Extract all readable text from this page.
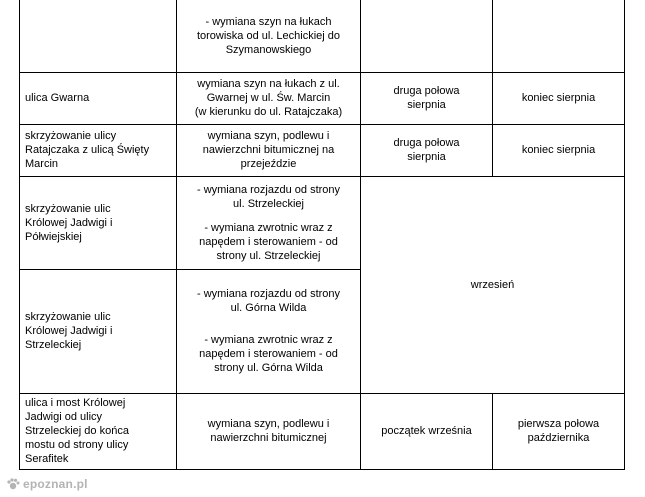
	- wymiana szyn na łukach
torowiska od ul. Lechickiej do
Szymanowskiego		

ulica Gwarna	wymiana szyn na łukach z ul.
Gwarnej w ul. Św. Marcin
(w kierunku do ul. Ratajczaka)	druga połowa
sierpnia	koniec sierpnia

skrzyżowanie ulicy
Ratajczaka z ulicą Święty
Marcin	wymiana szyn, podlewu i
nawierzchni bitumicznej na
przejeździe	druga połowa
sierpnia	koniec sierpnia

skrzyżowanie ulic
Królowej Jadwigi i
Półwiejskiej	- wymiana rozjazdu od strony
ul. Strzeleckiej
- wymiana zwrotnic wraz z
napędem i sterowaniem - od
strony ul. Strzeleckiej	wrzesień	

skrzyżowanie ulic
Królowej Jadwigi i
Strzeleckiej	- wymiana rozjazdu od strony
ul. Górna Wilda
- wymiana zwrotnic wraz z
napędem i sterowaniem - od
strony ul. Górna Wilda		

ulica i most Królowej
Jadwigi od ulicy
Strzeleckiej do końca
mostu od strony ulicy
Serafitek	wymiana szyn, podlewu i
nawierzchni bitumicznej	początek września	pierwsza połowa
października
epoznan.pl
